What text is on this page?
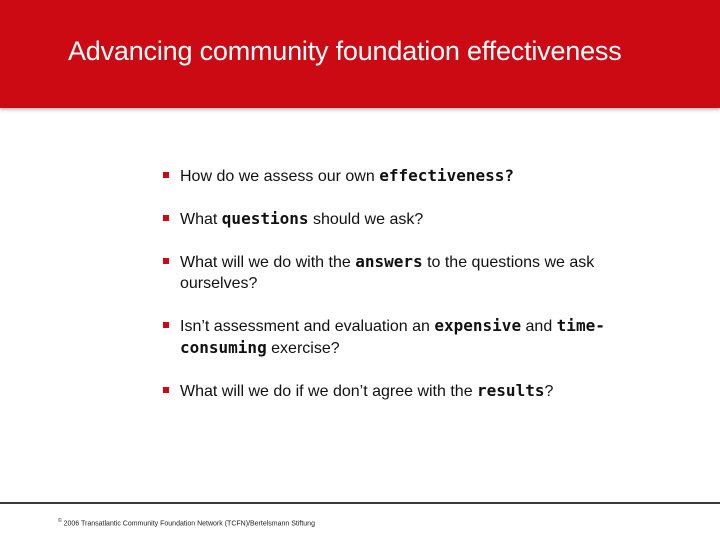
Advancing community foundation effectiveness
How do we assess our own effectiveness?
What questions should we ask?
What will we do with the answers to the questions we ask ourselves?
Isn’t assessment and evaluation an expensive and time-consuming exercise?
What will we do if we don’t agree with the results?
© 2006 Transatlantic Community Foundation Network (TCFN)/Bertelsmann Stiftung
